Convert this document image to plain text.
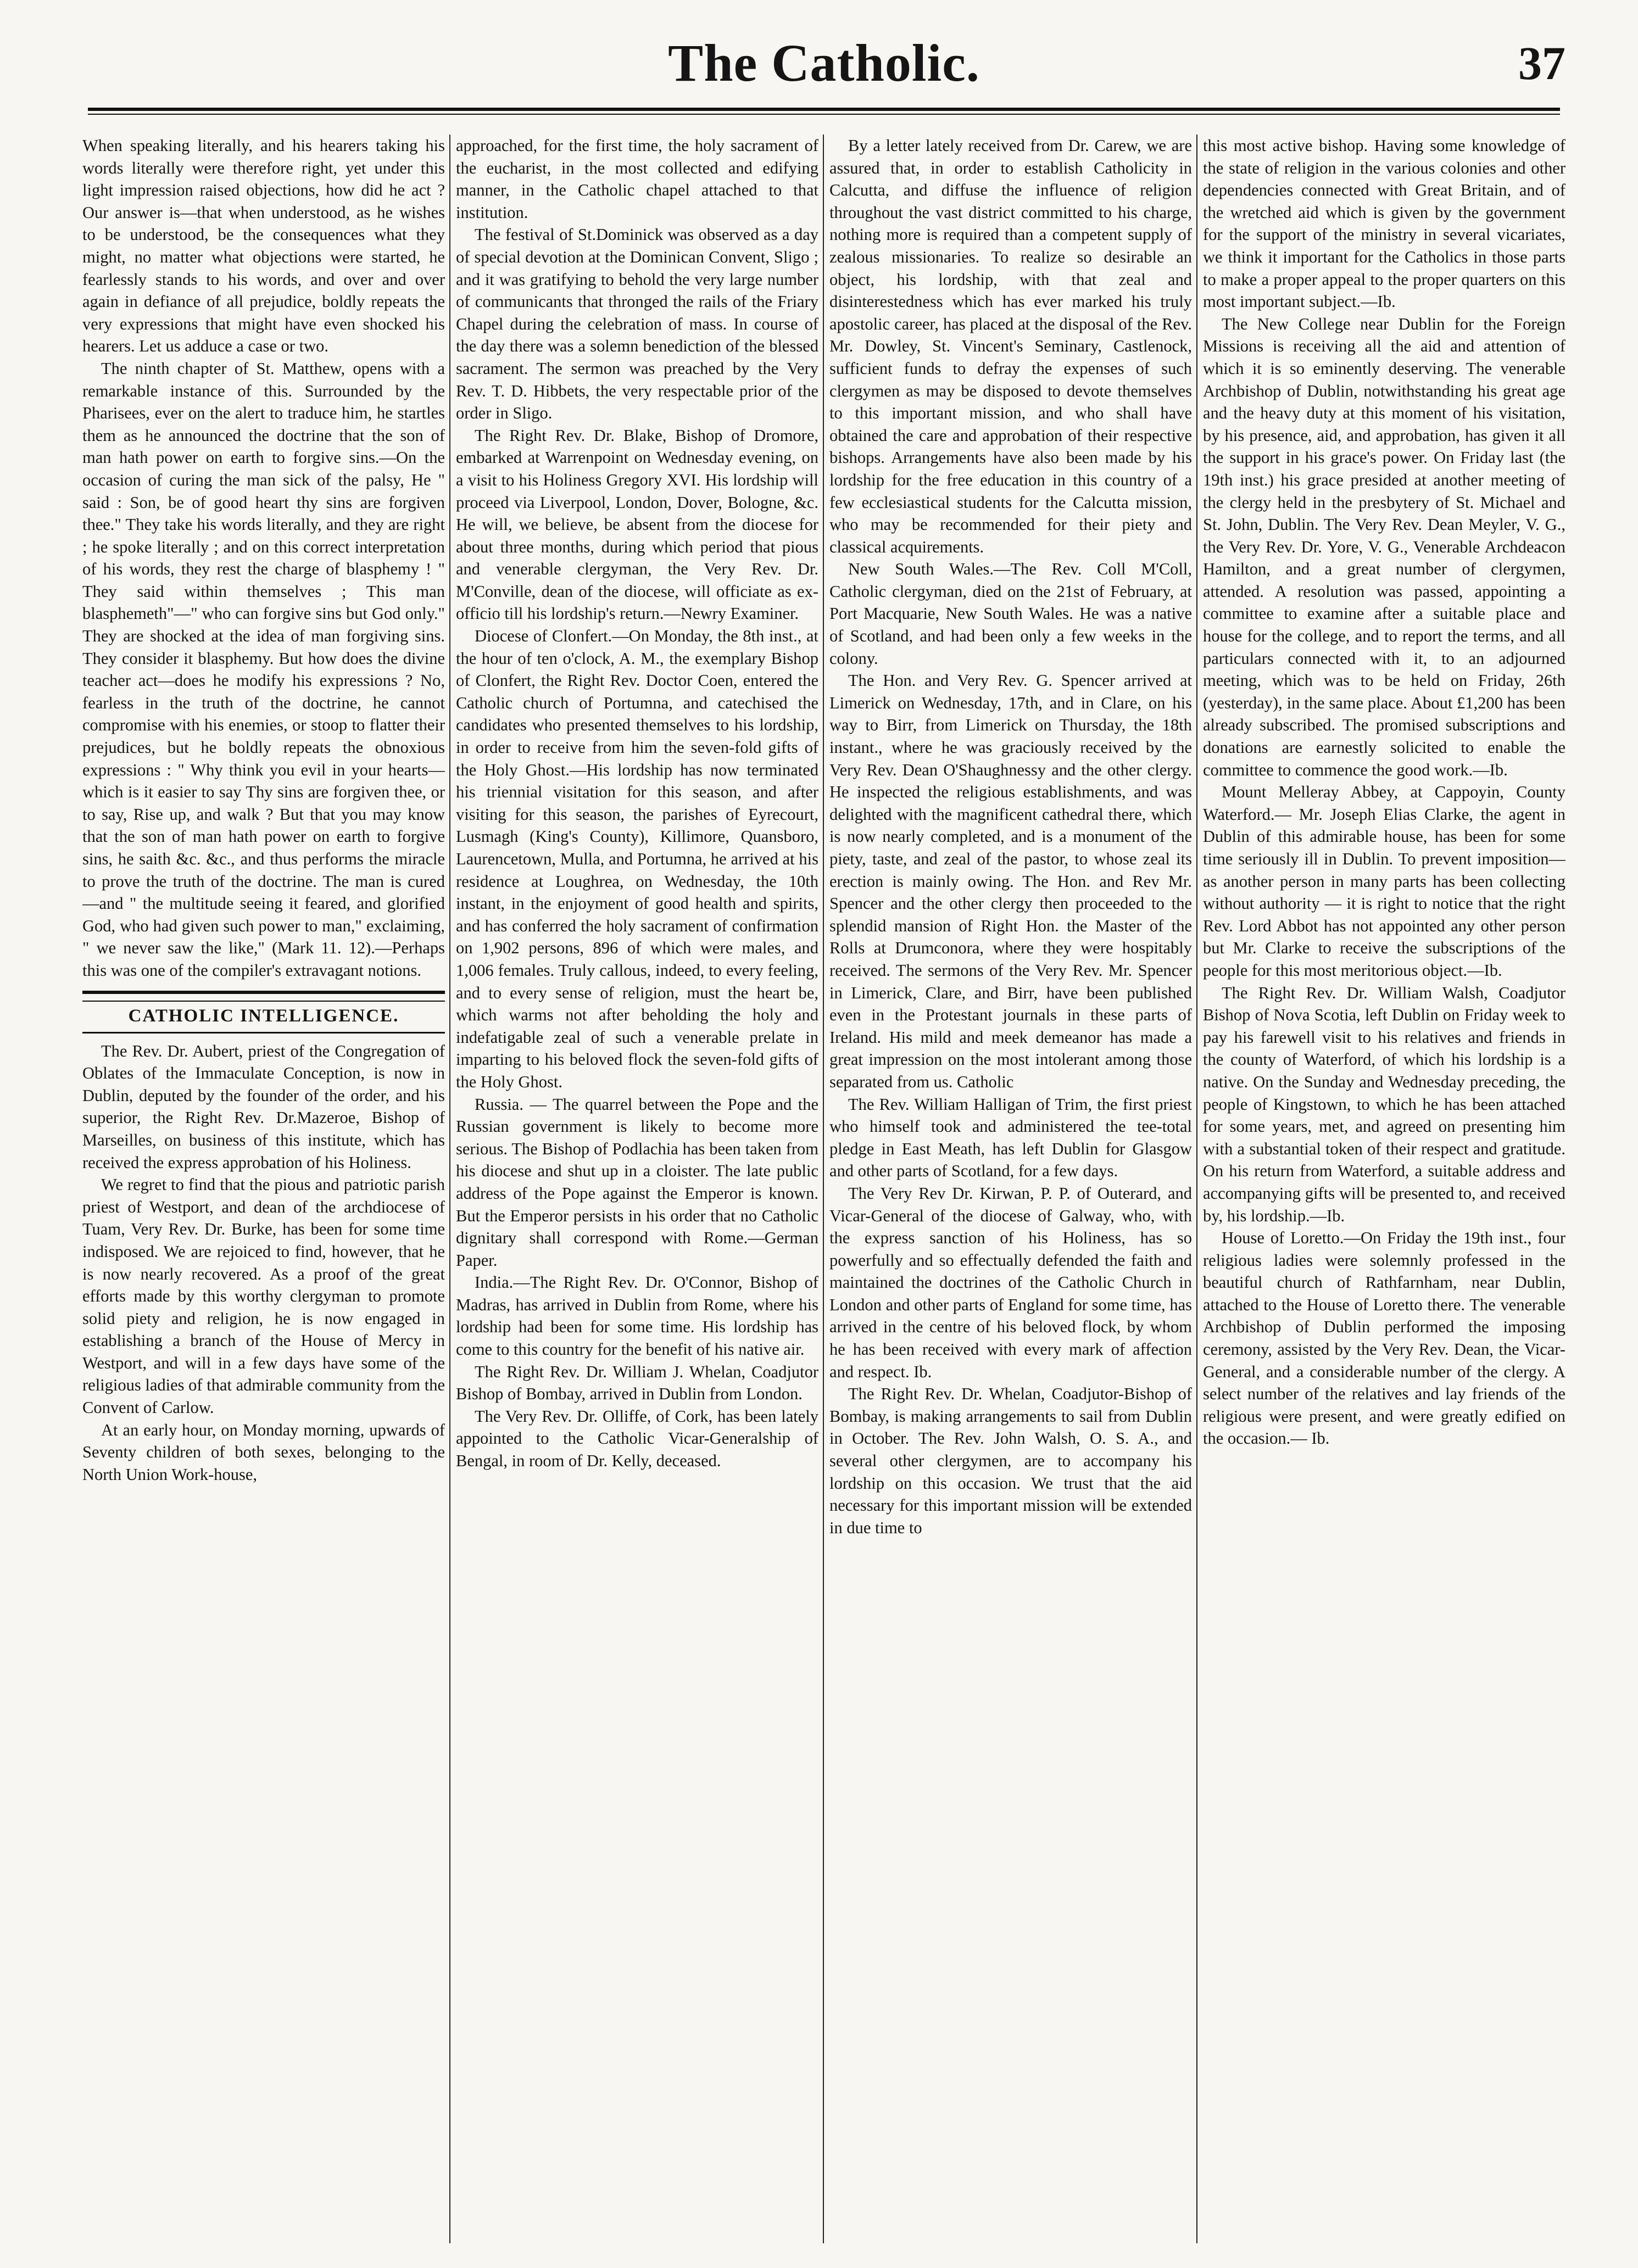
The Catholic.	37

When speaking literally, and his hearers taking his words literally were therefore right, yet under this light impression raised objections, how did he act ? Our answer is—that when understood, as he wishes to be understood, be the consequences what they might, no matter what objections were started, he fearlessly stands to his words, and over and over again in defiance of all prejudice, boldly repeats the very expressions that might have even shocked his hearers. Let us adduce a case or two.

The ninth chapter of St. Matthew, opens with a remarkable instance of this. Surrounded by the Pharisees, ever on the alert to traduce him, he startles them as he announced the doctrine that the son of man hath power on earth to forgive sins.—On the occasion of curing the man sick of the palsy, He " said : Son, be of good heart thy sins are forgiven thee." They take his words literally, and they are right ; he spoke literally ; and on this correct interpretation of his words, they rest the charge of blasphemy ! " They said within themselves ; This man blasphemeth"—" who can forgive sins but God only." They are shocked at the idea of man forgiving sins. They consider it blasphemy. But how does the divine teacher act—does he modify his expressions ? No, fearless in the truth of the doctrine, he cannot compromise with his enemies, or stoop to flatter their prejudices, but he boldly repeats the obnoxious expressions : " Why think you evil in your hearts—which is it easier to say Thy sins are forgiven thee, or to say, Rise up, and walk ? But that you may know that the son of man hath power on earth to forgive sins, he saith &c. &c., and thus performs the miracle to prove the truth of the doctrine. The man is cured —and " the multitude seeing it feared, and glorified God, who had given such power to man," exclaiming, " we never saw the like," (Mark 11. 12).—Perhaps this was one of the compiler's extravagant notions.

CATHOLIC INTELLIGENCE.

The Rev. Dr. Aubert, priest of the Congregation of Oblates of the Immaculate Conception, is now in Dublin, deputed by the founder of the order, and his superior, the Right Rev. Dr.Mazeroe, Bishop of Marseilles, on business of this institute, which has received the express approbation of his Holiness.

We regret to find that the pious and patriotic parish priest of Westport, and dean of the archdiocese of Tuam, Very Rev. Dr. Burke, has been for some time indisposed. We are rejoiced to find, however, that he is now nearly recovered. As a proof of the great efforts made by this worthy clergyman to promote solid piety and religion, he is now engaged in establishing a branch of the House of Mercy in Westport, and will in a few days have some of the religious ladies of that admirable community from the Convent of Carlow.

At an early hour, on Monday morning, upwards of Seventy children of both sexes, belonging to the North Union Work-house,

approached, for the first time, the holy sacrament of the eucharist, in the most collected and edifying manner, in the Catholic chapel attached to that institution.

The festival of St.Dominick was observed as a day of special devotion at the Dominican Convent, Sligo ; and it was gratifying to behold the very large number of communicants that thronged the rails of the Friary Chapel during the celebration of mass. In course of the day there was a solemn benediction of the blessed sacrament. The sermon was preached by the Very Rev. T. D. Hibbets, the very respectable prior of the order in Sligo.

The Right Rev. Dr. Blake, Bishop of Dromore, embarked at Warrenpoint on Wednesday evening, on a visit to his Holiness Gregory XVI. His lordship will proceed via Liverpool, London, Dover, Bologne, &c. He will, we believe, be absent from the diocese for about three months, during which period that pious and venerable clergyman, the Very Rev. Dr. M'Conville, dean of the diocese, will officiate as ex-officio till his lordship's return.—Newry Examiner.

Diocese of Clonfert.—On Monday, the 8th inst., at the hour of ten o'clock, A. M., the exemplary Bishop of Clonfert, the Right Rev. Doctor Coen, entered the Catholic church of Portumna, and catechised the candidates who presented themselves to his lordship, in order to receive from him the seven-fold gifts of the Holy Ghost.—His lordship has now terminated his triennial visitation for this season, and after visiting for this season, the parishes of Eyrecourt, Lusmagh (King's County), Killimore, Quansboro, Laurencetown, Mulla, and Portumna, he arrived at his residence at Loughrea, on Wednesday, the 10th instant, in the enjoyment of good health and spirits, and has conferred the holy sacrament of confirmation on 1,902 persons, 896 of which were males, and 1,006 females. Truly callous, indeed, to every feeling, and to every sense of religion, must the heart be, which warms not after beholding the holy and indefatigable zeal of such a venerable prelate in imparting to his beloved flock the seven-fold gifts of the Holy Ghost.

Russia. — The quarrel between the Pope and the Russian government is likely to become more serious. The Bishop of Podlachia has been taken from his diocese and shut up in a cloister. The late public address of the Pope against the Emperor is known. But the Emperor persists in his order that no Catholic dignitary shall correspond with Rome.—German Paper.

India.—The Right Rev. Dr. O'Connor, Bishop of Madras, has arrived in Dublin from Rome, where his lordship had been for some time. His lordship has come to this country for the benefit of his native air.

The Right Rev. Dr. William J. Whelan, Coadjutor Bishop of Bombay, arrived in Dublin from London.

The Very Rev. Dr. Olliffe, of Cork, has been lately appointed to the Catholic Vicar-Generalship of Bengal, in room of Dr. Kelly, deceased.

By a letter lately received from Dr. Carew, we are assured that, in order to establish Catholicity in Calcutta, and diffuse the influence of religion throughout the vast district committed to his charge, nothing more is required than a competent supply of zealous missionaries. To realize so desirable an object, his lordship, with that zeal and disinterestedness which has ever marked his truly apostolic career, has placed at the disposal of the Rev. Mr. Dowley, St. Vincent's Seminary, Castlenock, sufficient funds to defray the expenses of such clergymen as may be disposed to devote themselves to this important mission, and who shall have obtained the care and approbation of their respective bishops. Arrangements have also been made by his lordship for the free education in this country of a few ecclesiastical students for the Calcutta mission, who may be recommended for their piety and classical acquirements.

New South Wales.—The Rev. Coll M'Coll, Catholic clergyman, died on the 21st of February, at Port Macquarie, New South Wales. He was a native of Scotland, and had been only a few weeks in the colony.

The Hon. and Very Rev. G. Spencer arrived at Limerick on Wednesday, 17th, and in Clare, on his way to Birr, from Limerick on Thursday, the 18th instant., where he was graciously received by the Very Rev. Dean O'Shaughnessy and the other clergy. He inspected the religious establishments, and was delighted with the magnificent cathedral there, which is now nearly completed, and is a monument of the piety, taste, and zeal of the pastor, to whose zeal its erection is mainly owing. The Hon. and Rev Mr. Spencer and the other clergy then proceeded to the splendid mansion of Right Hon. the Master of the Rolls at Drumconora, where they were hospitably received. The sermons of the Very Rev. Mr. Spencer in Limerick, Clare, and Birr, have been published even in the Protestant journals in these parts of Ireland. His mild and meek demeanor has made a great impression on the most intolerant among those separated from us. Catholic

The Rev. William Halligan of Trim, the first priest who himself took and administered the tee-total pledge in East Meath, has left Dublin for Glasgow and other parts of Scotland, for a few days.

The Very Rev Dr. Kirwan, P. P. of Outerard, and Vicar-General of the diocese of Galway, who, with the express sanction of his Holiness, has so powerfully and so effectually defended the faith and maintained the doctrines of the Catholic Church in London and other parts of England for some time, has arrived in the centre of his beloved flock, by whom he has been received with every mark of affection and respect. Ib.

The Right Rev. Dr. Whelan, Coadjutor-Bishop of Bombay, is making arrangements to sail from Dublin in October. The Rev. John Walsh, O. S. A., and several other clergymen, are to accompany his lordship on this occasion. We trust that the aid necessary for this important mission will be extended in due time to

this most active bishop. Having some knowledge of the state of religion in the various colonies and other dependencies connected with Great Britain, and of the wretched aid which is given by the government for the support of the ministry in several vicariates, we think it important for the Catholics in those parts to make a proper appeal to the proper quarters on this most important subject.—Ib.

The New College near Dublin for the Foreign Missions is receiving all the aid and attention of which it is so eminently deserving. The venerable Archbishop of Dublin, notwithstanding his great age and the heavy duty at this moment of his visitation, by his presence, aid, and approbation, has given it all the support in his grace's power. On Friday last (the 19th inst.) his grace presided at another meeting of the clergy held in the presbytery of St. Michael and St. John, Dublin. The Very Rev. Dean Meyler, V. G., the Very Rev. Dr. Yore, V. G., Venerable Archdeacon Hamilton, and a great number of clergymen, attended. A resolution was passed, appointing a committee to examine after a suitable place and house for the college, and to report the terms, and all particulars connected with it, to an adjourned meeting, which was to be held on Friday, 26th (yesterday), in the same place. About £1,200 has been already subscribed. The promised subscriptions and donations are earnestly solicited to enable the committee to commence the good work.—Ib.

Mount Melleray Abbey, at Cappoyin, County Waterford.— Mr. Joseph Elias Clarke, the agent in Dublin of this admirable house, has been for some time seriously ill in Dublin. To prevent imposition—as another person in many parts has been collecting without authority — it is right to notice that the right Rev. Lord Abbot has not appointed any other person but Mr. Clarke to receive the subscriptions of the people for this most meritorious object.—Ib.

The Right Rev. Dr. William Walsh, Coadjutor Bishop of Nova Scotia, left Dublin on Friday week to pay his farewell visit to his relatives and friends in the county of Waterford, of which his lordship is a native. On the Sunday and Wednesday preceding, the people of Kingstown, to which he has been attached for some years, met, and agreed on presenting him with a substantial token of their respect and gratitude. On his return from Waterford, a suitable address and accompanying gifts will be presented to, and received by, his lordship.—Ib.

House of Loretto.—On Friday the 19th inst., four religious ladies were solemnly professed in the beautiful church of Rathfarnham, near Dublin, attached to the House of Loretto there. The venerable Archbishop of Dublin performed the imposing ceremony, assisted by the Very Rev. Dean, the Vicar-General, and a considerable number of the clergy. A select number of the relatives and lay friends of the religious were present, and were greatly edified on the occasion.— Ib.
